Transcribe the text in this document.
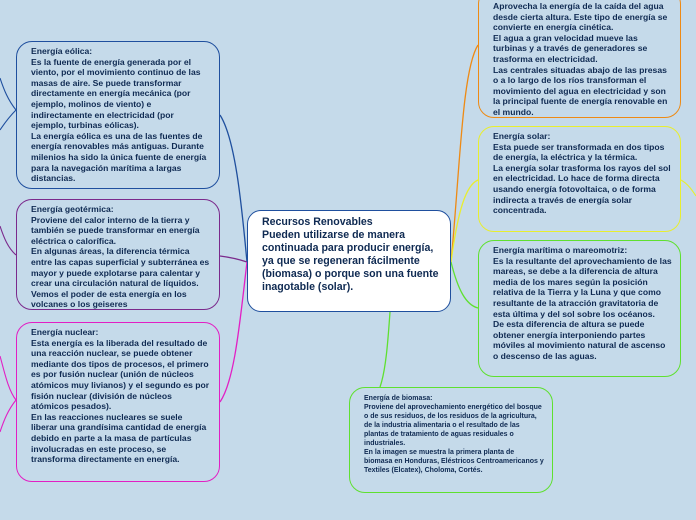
Recursos Renovables
Pueden utilizarse de manera continuada para producir energía, ya que se regeneran fácilmente (biomasa) o porque son una fuente inagotable (solar).
Energía eólica:
Es la fuente de energía generada por el viento, por el movimiento continuo de las masas de aire. Se puede transformar directamente en energía mecánica (por ejemplo, molinos de viento) e indirectamente en electricidad (por ejemplo, turbinas eólicas).
La energía eólica es una de las fuentes de energía renovables más antiguas. Durante milenios ha sido la única fuente de energía para la navegación marítima a largas distancias.
Energía geotérmica:
Proviene del calor interno de la tierra y también se puede transformar en energía eléctrica o calorífica.
En algunas áreas, la diferencia térmica entre las capas superficial y subterránea es mayor y puede explotarse para calentar y crear una circulación natural de líquidos. Vemos el poder de esta energía en los volcanes o los geiseres
Energía nuclear:
Esta energía es la liberada del resultado de una reacción nuclear, se puede obtener mediante dos tipos de procesos, el primero es por fusión nuclear (unión de núcleos atómicos muy livianos) y el segundo es por fisión nuclear (división de núcleos atómicos pesados).
En las reacciones nucleares se suele liberar una grandísima cantidad de energía debido en parte a la masa de partículas involucradas en este proceso, se transforma directamente en energía.
Aprovecha la energía de la caída del agua desde cierta altura. Este tipo de energía se convierte en energía cinética.
El agua a gran velocidad mueve las turbinas y a través de generadores se trasforma en electricidad.
Las centrales situadas abajo de las presas o a lo largo de los ríos transforman el movimiento del agua en electricidad y son la principal fuente de energía renovable en el mundo.
Energía solar:
Esta puede ser transformada en dos tipos de energía, la eléctrica y la térmica.
La energía solar trasforma los rayos del sol en electricidad. Lo hace de forma directa usando energía fotovoltaica, o de forma indirecta a través de energía solar concentrada.
Energía marítima o mareomotriz:
Es la resultante del aprovechamiento de las mareas, se debe a la diferencia de altura media de los mares según la posición relativa de la Tierra y la Luna y que como resultante de la atracción gravitatoria de esta última y del sol sobre los océanos.
De esta diferencia de altura se puede obtener energía interponiendo partes móviles al movimiento natural de ascenso o descenso de las aguas.
Energía de biomasa:
Proviene del aprovechamiento energético del bosque o de sus residuos, de los residuos de la agricultura, de la industria alimentaria o el resultado de las plantas de tratamiento de aguas residuales o industriales.
En la imagen se muestra la primera planta de biomasa en Honduras, Eléstricos Centroamericanos y Textiles (Elcatex), Choloma, Cortés.
